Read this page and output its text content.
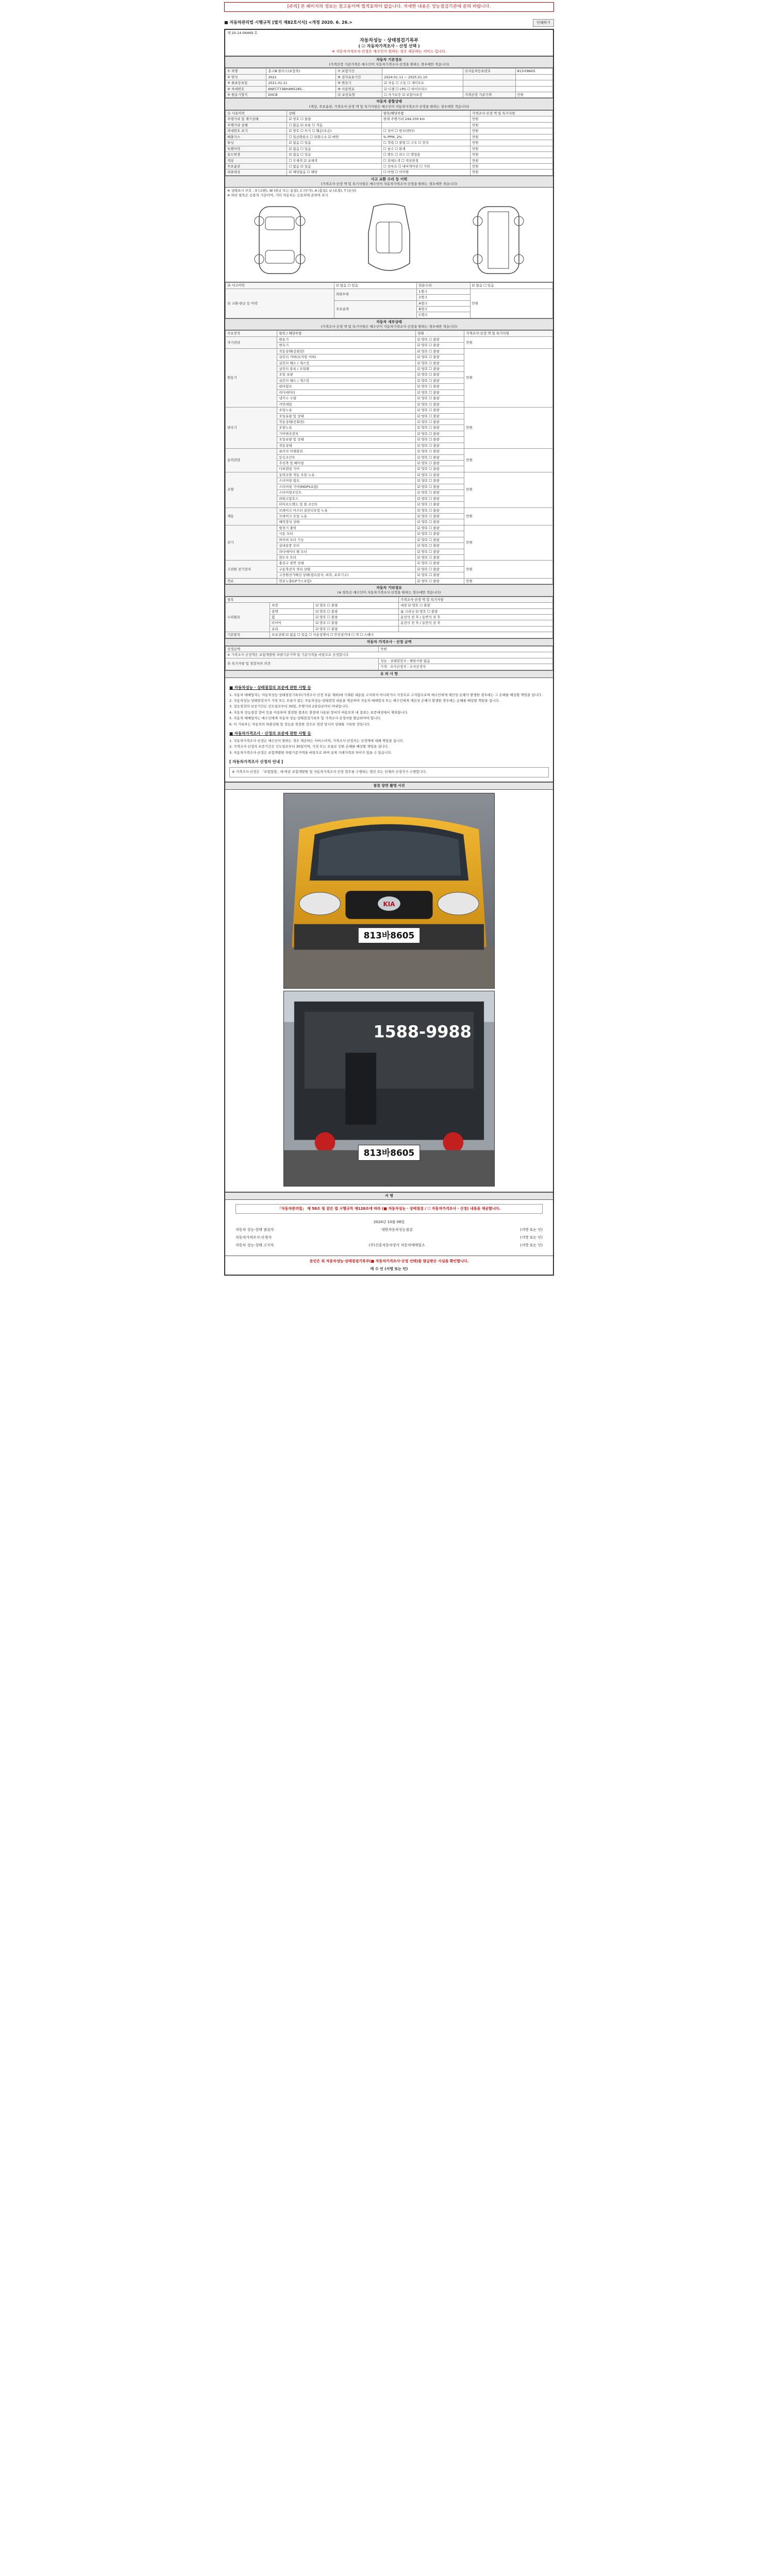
[주의] 본 페이지의 정보는 참고용이며 법적효력이 없습니다. 자세한 내용은 성능점검기관에 문의 바랍니다.
■ 자동차관리법 시행규칙 [별지 제82호서식] <개정 2020. 6. 26.>	인쇄하기
제 20-14-06469 호
자동차성능 · 상태점검기록부
( ☑ 자동차가격조사 · 산정 선택 )
※ 자동차가격조사·산정은 매수인이 원하는 경우 제공하는 서비스 입니다.
자동차 기본정보
(가격산정 기준가격은 매수인이 자동차가격조사·산정을 원하는 경우에만 적습니다)
① 차명	봉고Ⅲ 플러스(초장축)	⑦ 보험기간		⑪자동차등록번호	813바8605
② 연식	2021	⑧ 검사유효기간	2024.01.11 ~ 2025.01.10		
③ 최초등록일	2021.01.11	⑨ 변속기	☑ 자동 ☐ 수동 ☐ 세미오토		
④ 차대번호	KNFCT73BH4M5285...	⑩ 사용연료	☑ 디젤 ☐ LPG ☐ 하이브리드		
⑤ 원동기형식	D4CB	⑫ 보증유형	☐ 자가보증 ☑ 보험사보증	가격산정 기준가격	만원
자동차 종합상태
(색상, 주요옵션, 가격조사·산정 액 및 특기사항은 매수인이 자동차가격조사·산정을 원하는 경우에만 적습니다)
⑬ 사용이력	상태	항목/해당부품	가격조사·산정 액 및 특기사항
주행거리 및 계기상태	☑ 양호 ☐ 불량	현재 주행거리 244,330 km	만원
주행거리 상태	☐ 많음 ☑ 보통 ☐ 적음		만원
차대번호 표기	☑ 양호 ☐ 부식 ☐ 훼손(오손)	☐ 상이 ☐ 변조(변타)	만원
배출가스	☐ 일산화탄소 ☐ 탄화수소 ☑ 매연	% PPM, 2%	만원
튜닝	☑ 없음 ☐ 있음	☐ 적법 ☐ 불법 ☐ 구조 ☐ 장치	만원
특별이력	☑ 없음 ☐ 있음	☐ 침수 ☐ 화재	만원
용도변경	☑ 없음 ☐ 있음	☐ 렌트 ☐ 리스 ☐ 영업용	만원
색상	☐ 무채색 ☑ 유채색	☐ 전체도색 ☐ 색상변경	만원
주요옵션	☐ 없음 ☑ 있음	☐ 선루프 ☐ 내비게이션 ☐ 기타	만원
리콜대상	☑ 해당없음 ☐ 해당	☐ 이행 ☐ 미이행	만원
사고 교환 수리 등 이력
(가격조사·산정 액 및 특기사항은 매수인이 자동차가격조사·산정을 원하는 경우에만 적습니다)
※ 상태표시 부호 : X (교환), W (판금 또는 용접), C (부식), A (흠집), U (요철), T (손상)
※ 하단 항목은 승용차 기준이며, 기타 자동차는 승용차에 준하여 표시
⑭ 사고이력	☑ 없음 ☐ 있음	단순수리	☑ 없음 ☐ 있음
⑮ 교환·판금 등 이력	외판부위	1랭크	만원
		2랭크	
	주요골격	A랭크	
		B랭크	
		C랭크	
자동차 세부상태
(가격조사·산정 액 및 특기사항은 매수인이 자동차가격조사·산정을 원하는 경우에만 적습니다)
주요장치	항목 / 해당부품	상태	가격조사·산정 액 및 특기사항
자기진단	원동기	☑ 양호 ☐ 불량	만원
	변속기	☑ 양호 ☐ 불량	
원동기	작동상태(공회전)	☑ 양호 ☐ 불량	만원
	실린더 커버(로커암 커버)	☑ 양호 ☐ 불량	
	실린더 헤드 / 개스킷	☑ 양호 ☐ 불량	
	실린더 블록 / 오일팬	☑ 양호 ☐ 불량	
	오일 유량	☑ 양호 ☐ 불량	
	실린더 헤드 / 개스킷	☑ 양호 ☐ 불량	
	워터펌프	☑ 양호 ☐ 불량	
	라디에이터	☑ 양호 ☐ 불량	
	냉각수 수량	☑ 양호 ☐ 불량	
	커먼레일	☑ 양호 ☐ 불량	
변속기	오일누유	☑ 양호 ☐ 불량	만원
	오일유량 및 상태	☑ 양호 ☐ 불량	
	작동상태(공회전)	☑ 양호 ☐ 불량	
	오일누유	☑ 양호 ☐ 불량	
	기어변속장치	☑ 양호 ☐ 불량	
	오일유량 및 상태	☑ 양호 ☐ 불량	
	작동상태	☑ 양호 ☐ 불량	
동력전달	클러치 어셈블리	☑ 양호 ☐ 불량	만원
	등속조인트	☑ 양호 ☐ 불량	
	추진축 및 베어링	☑ 양호 ☐ 불량	
	디퍼렌셜 기어	☑ 양호 ☐ 불량	
조향	동력조향 작동 오일 누유	☑ 양호 ☐ 불량	만원
	스티어링 펌프	☑ 양호 ☐ 불량	
	스티어링 기어(MDPS포함)	☑ 양호 ☐ 불량	
	스티어링조인트	☑ 양호 ☐ 불량	
	파워고압호스	☑ 양호 ☐ 불량	
	타이로드엔드 및 볼 조인트	☑ 양호 ☐ 불량	
제동	브레이크 마스터 실린더오일 누유	☑ 양호 ☐ 불량	만원
	브레이크 오일 누유	☑ 양호 ☐ 불량	
	배력장치 상태	☑ 양호 ☐ 불량	
전기	발전기 출력	☑ 양호 ☐ 불량	만원
	시동 모터	☑ 양호 ☐ 불량	
	와이퍼 모터 기능	☑ 양호 ☐ 불량	
	실내송풍 모터	☑ 양호 ☐ 불량	
	라디에이터 팬 모터	☑ 양호 ☐ 불량	
	윈도우 모터	☑ 양호 ☐ 불량	
고전원 전기장치	충전구 절연 상태	☑ 양호 ☐ 불량	만원
	구동축전지 격리 상태	☑ 양호 ☐ 불량	
	고전원전기배선 상태(접속단자, 피복, 보호기구)	☑ 양호 ☐ 불량	
연료	연료누출(LP가스포함)	☑ 양호 ☐ 불량	만원
자동차 기타정보
(※ 항목은 매수인이 자동차가격조사·산정을 원하는 경우에만 적습니다)
항목			가격조사·산정 액 및 특기사항
수리필요	외장	☑ 양호 ☐ 불량	내장 ☑ 양호 ☐ 불량
	광택	☑ 양호 ☐ 불량	룸 크리닝 ☑ 양호 ☐ 불량
	휠	☑ 양호 ☐ 불량	운전석 전 후 / 동반석 전 후
	타이어	☑ 양호 ☐ 불량	운전석 전 후 / 동반석 전 후
	유리	☑ 양호 ☐ 불량	
기본품목	보유상태 ☑ 없음 ☐ 있음 ☐ 사용설명서 ☐ 안전삼각대 ☐ 잭 ☐ 스패너		
자동차 가격조사 · 산정 금액
산정금액	만원
※ 가격조사·산정액은 보험개발원 차량기준가액 및 기준가격을 바탕으로 산정합니다	
⑯ 특기사항 및 점검자의 의견	성능 · 상태점검자 : 해당사항 없음
	가격 · 조사산정자 : 조사산정자
유 의 사 항
■ 자동차성능 · 상태점검의 보증에 관한 사항 등

1. 자동차 매매업자는 자동차성능·상태점검기록부(가격조사·산정 부분 제외)에 기재된 내용을 고지하지 아니하거나 거짓으로 고지함으로써 매수인에게 재산상 손해가 발생한 경우에는 그 손해를 배상할 책임을 집니다.

2. 자동차성능·상태점검자가 거짓 또는 오류가 있는 자동차성능·상태점검 내용을 제공하여 자동차 매매업자 또는 매수인에게 재산상 손해가 발생한 경우에는 손해를 배상할 책임을 집니다.

3. 성능점검의 보증기간은 인도일로부터 30일, 주행거리 2천킬로미터 이내입니다.

4. 자동차 성능점검 장비 등을 이용하여 점검한 결과로 점검에 사용된 장비의 허용오차 내 결과는 보증대상에서 제외됩니다.

5. 자동차 매매업자는 매수인에게 자동차 성능·상태점검기록부 및 가격조사·산정서를 발급하여야 합니다.

6. 이 기록부는 자동차의 외관상태 및 성능을 점검한 것으로 점검 당시의 상태를 기록한 것입니다.

■ 자동차가격조사 · 산정의 보증에 관한 사항 등

1. 자동차가격조사·산정은 매수인이 원하는 경우 제공하는 서비스이며, 가격조사·산정자는 산정액에 대해 책임을 집니다.

2. 가격조사·산정의 보증기간은 인도일로부터 30일이며, 거짓 또는 오류로 인한 손해를 배상할 책임을 집니다.

3. 자동차가격조사·산정은 보험개발원 차량기준가액을 바탕으로 하며 실제 거래가격과 차이가 있을 수 있습니다.

[ 자동차가격조사 산정자 안내 ]

※ 가격조사·산정은 「보험업법」에 따른 보험개발원 및 자동차가격조사·산정 업무를 수행하는 법인 또는 단체의 산정자가 수행합니다.

점검 장면 촬영 사진
KIA
813바8605
1588-9988
813바8605
서 명
「자동차관리법」 제 58조 및 같은 법 시행규칙 제120조에 따라 (■ 자동차성능 · 상태점검 / ☐ 자동차가격조사 · 산정) 내용을 제공합니다.
2024년 10월 08일
자동차 성능·상태 점검자	대한자동차성능점검	(서명 또는 인)
자동차가격조사·산정자	(서명 또는 인)
자동차 성능·상태 고지자	(주)신흥자동차상사 자동차매매업소	(서명 또는 인)
본인은 위 자동차성능·상태점검기록부(■ 자동차가격조사·산정 선택)를 발급받은 사실을 확인합니다.
매 수 인 (서명 또는 인)
